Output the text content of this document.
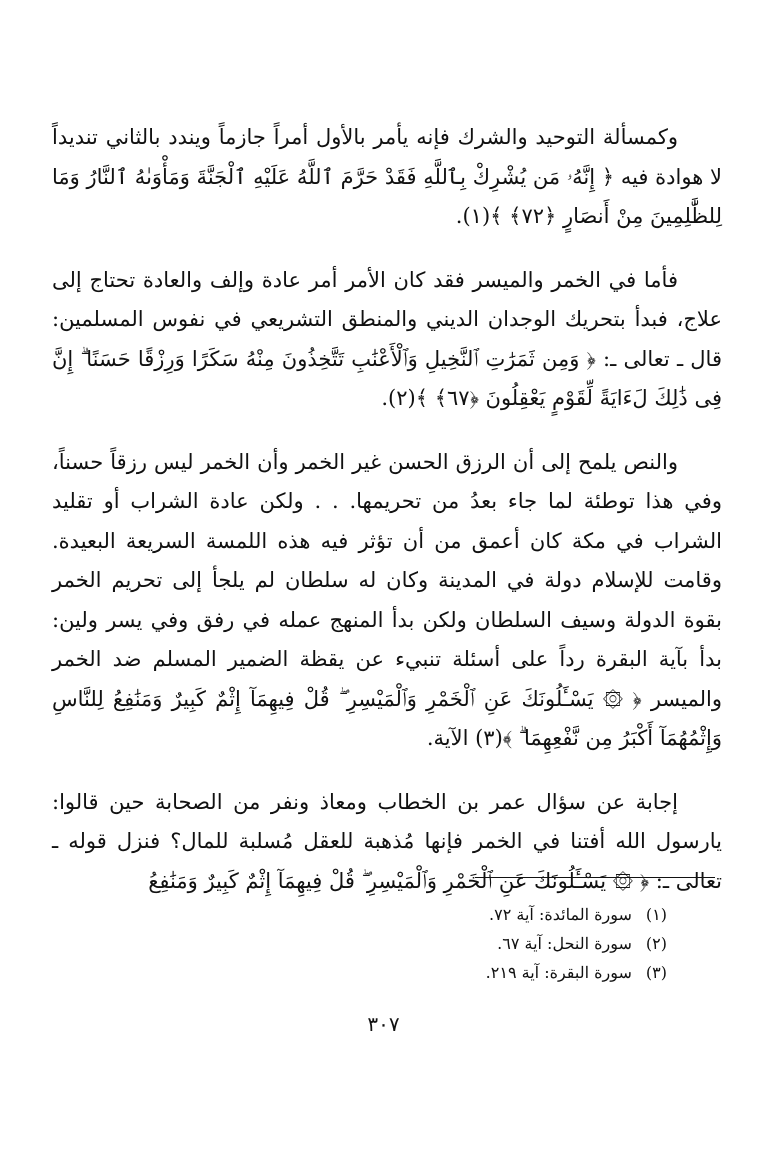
وكمسألة التوحيد والشرك فإنه يأمر بالأول أمراً جازماً ويندد بالثاني تنديداً لا هوادة فيه ﴿ إِنَّهُۥ مَن يُشْرِكْ بِٱللَّهِ فَقَدْ حَرَّمَ ٱللَّهُ عَلَيْهِ ٱلْجَنَّةَ وَمَأْوَىٰهُ ٱلنَّارُ وَمَا لِلظَّٰلِمِينَ مِنْ أَنصَارٍ ﴿٧٢﴾ ﴾(١).

فأما في الخمر والميسر فقد كان الأمر أمر عادة وإلف والعادة تحتاج إلى علاج، فبدأ بتحريك الوجدان الديني والمنطق التشريعي في نفوس المسلمين: قال ـ تعالى ـ: ﴿ وَمِن ثَمَرَٰتِ ٱلنَّخِيلِ وَٱلْأَعْنَٰبِ تَتَّخِذُونَ مِنْهُ سَكَرًا وَرِزْقًا حَسَنًا ۗ إِنَّ فِى ذَٰلِكَ لَءَايَةً لِّقَوْمٍ يَعْقِلُونَ ﴿٦٧﴾ ﴾(٢).

والنص يلمح إلى أن الرزق الحسن غير الخمر وأن الخمر ليس رزقاً حسناً، وفي هذا توطئة لما جاء بعدُ من تحريمها. . . ولكن عادة الشراب أو تقليد الشراب في مكة كان أعمق من أن تؤثر فيه هذه اللمسة السريعة البعيدة. وقامت للإسلام دولة في المدينة وكان له سلطان لم يلجأ إلى تحريم الخمر بقوة الدولة وسيف السلطان ولكن بدأ المنهج عمله في رفق وفي يسر ولين: بدأ بآية البقرة رداً على أسئلة تنبيء عن يقظة الضمير المسلم ضد الخمر والميسر ﴿ ۞ يَسْـَٔلُونَكَ عَنِ ٱلْخَمْرِ وَٱلْمَيْسِرِ ۖ قُلْ فِيهِمَآ إِثْمٌ كَبِيرٌ وَمَنَٰفِعُ لِلنَّاسِ وَإِثْمُهُمَآ أَكْبَرُ مِن نَّفْعِهِمَا ۗ ﴾(٣) الآية.

إجابة عن سؤال عمر بن الخطاب ومعاذ ونفر من الصحابة حين قالوا: يارسول الله أفتنا في الخمر فإنها مُذهبة للعقل مُسلبة للمال؟ فنزل قوله ـ تعالى ـ: ﴿ ۞ يَسْـَٔلُونَكَ عَنِ ٱلْخَمْرِ وَٱلْمَيْسِرِ ۖ قُلْ فِيهِمَآ إِثْمٌ كَبِيرٌ وَمَنَٰفِعُ

(١) سورة المائدة: آية ٧٢.
(٢) سورة النحل: آية ٦٧.
(٣) سورة البقرة: آية ٢١٩.
٣٠٧
